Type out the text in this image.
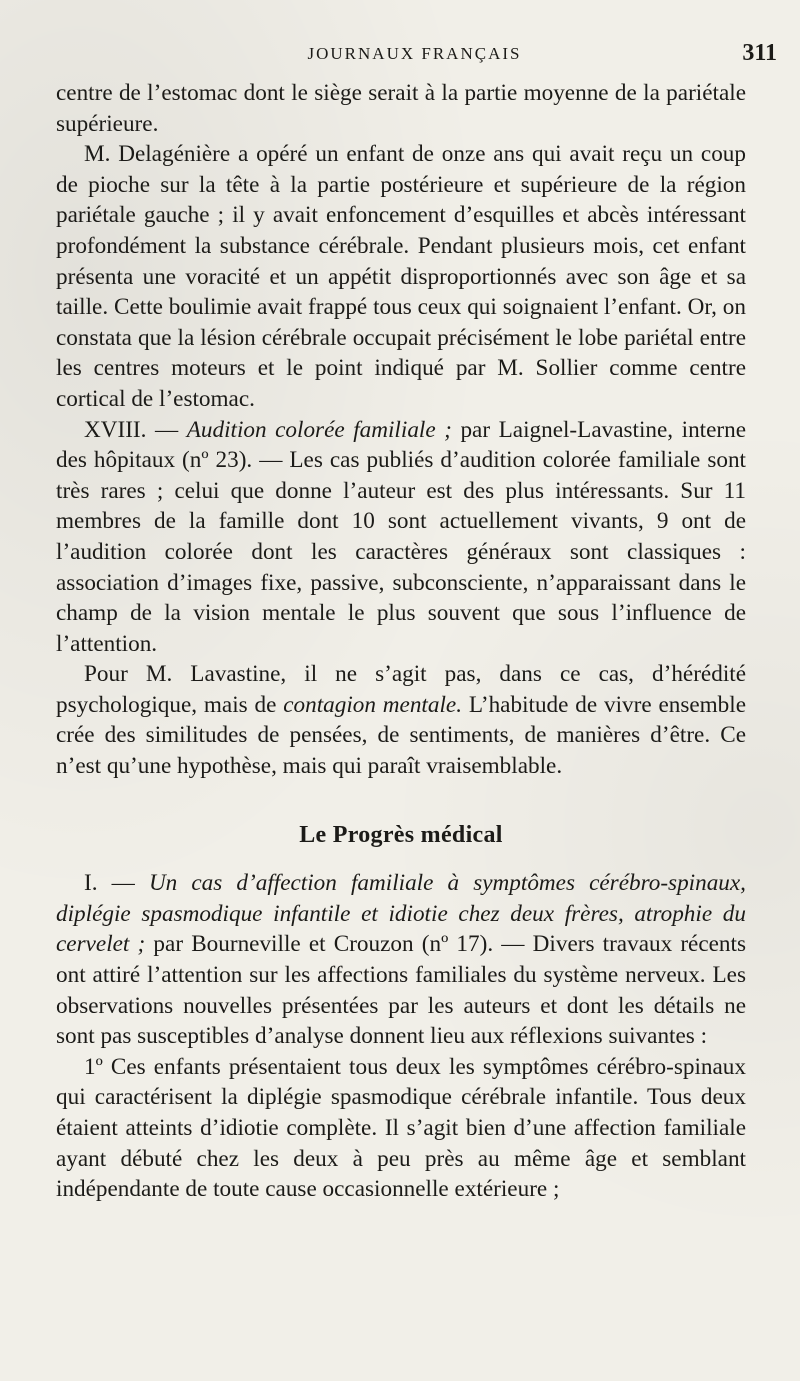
JOURNAUX FRANÇAIS	311

centre de l’estomac dont le siège serait à la partie moyenne de la pariétale supérieure.

M. Delagénière a opéré un enfant de onze ans qui avait reçu un coup de pioche sur la tête à la partie postérieure et supérieure de la région pariétale gauche ; il y avait enfoncement d’esquilles et abcès intéressant profondément la substance cérébrale. Pendant plusieurs mois, cet enfant présenta une voracité et un appétit disproportionnés avec son âge et sa taille. Cette boulimie avait frappé tous ceux qui soignaient l’enfant. Or, on constata que la lésion cérébrale occupait précisément le lobe pariétal entre les centres moteurs et le point indiqué par M. Sollier comme centre cortical de l’estomac.

XVIII. — Audition colorée familiale ; par Laignel-Lavastine, interne des hôpitaux (nº 23). — Les cas publiés d’audition colorée familiale sont très rares ; celui que donne l’auteur est des plus intéressants. Sur 11 membres de la famille dont 10 sont actuellement vivants, 9 ont de l’audition colorée dont les caractères généraux sont classiques : association d’images fixe, passive, subconsciente, n’apparaissant dans le champ de la vision mentale le plus souvent que sous l’influence de l’attention.

Pour M. Lavastine, il ne s’agit pas, dans ce cas, d’hérédité psychologique, mais de contagion mentale. L’habitude de vivre ensemble crée des similitudes de pensées, de sentiments, de manières d’être. Ce n’est qu’une hypothèse, mais qui paraît vraisemblable.

Le Progrès médical

I. — Un cas d’affection familiale à symptômes cérébro-spinaux, diplégie spasmodique infantile et idiotie chez deux frères, atrophie du cervelet ; par Bourneville et Crouzon (nº 17). — Divers travaux récents ont attiré l’attention sur les affections familiales du système nerveux. Les observations nouvelles présentées par les auteurs et dont les détails ne sont pas susceptibles d’analyse donnent lieu aux réflexions suivantes :

1º Ces enfants présentaient tous deux les symptômes cérébro-spinaux qui caractérisent la diplégie spasmodique cérébrale infantile. Tous deux étaient atteints d’idiotie complète. Il s’agit bien d’une affection familiale ayant débuté chez les deux à peu près au même âge et semblant indépendante de toute cause occasionnelle extérieure ;
